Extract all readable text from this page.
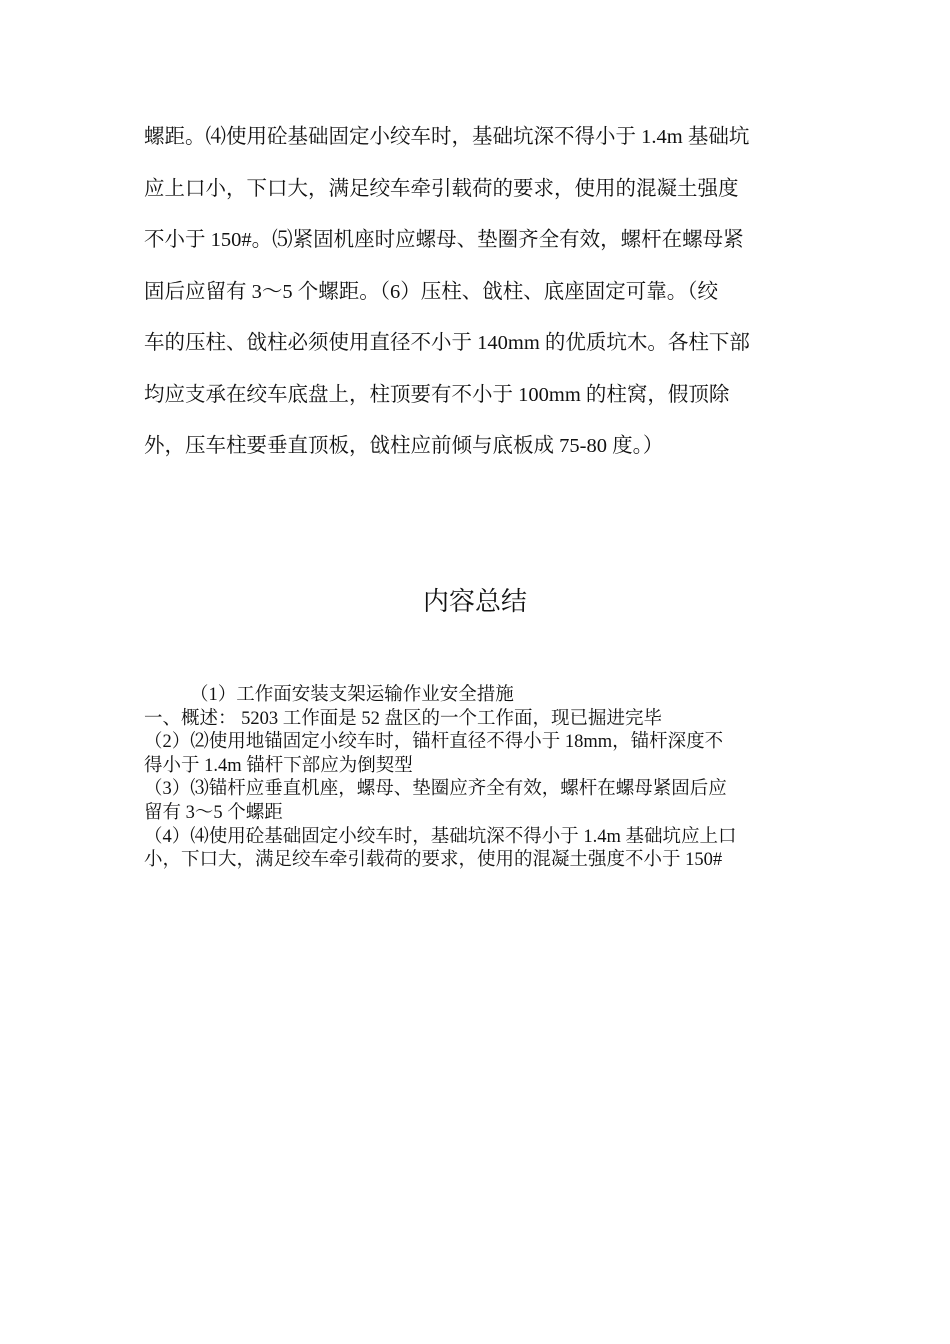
螺距。⑷使用砼基础固定小绞车时，基础坑深不得小于 1.4m 基础坑
应上口小，下口大，满足绞车牵引载荷的要求，使用的混凝土强度
不小于 150#。⑸紧固机座时应螺母、垫圈齐全有效，螺杆在螺母紧
固后应留有 3～5 个螺距。（6）压柱、戗柱、底座固定可靠。（绞
车的压柱、戗柱必须使用直径不小于 140mm 的优质坑木。各柱下部
均应支承在绞车底盘上，柱顶要有不小于 100mm 的柱窝，假顶除
外，压车柱要垂直顶板，戗柱应前倾与底板成 75-80 度。）
内容总结
（1）工作面安装支架运输作业安全措施
一、概述： 5203 工作面是 52 盘区的一个工作面，现已掘进完毕
（2）⑵使用地锚固定小绞车时，锚杆直径不得小于 18mm，锚杆深度不
得小于 1.4m 锚杆下部应为倒契型
（3）⑶锚杆应垂直机座，螺母、垫圈应齐全有效，螺杆在螺母紧固后应
留有 3～5 个螺距
（4）⑷使用砼基础固定小绞车时，基础坑深不得小于 1.4m 基础坑应上口
小，下口大，满足绞车牵引载荷的要求，使用的混凝土强度不小于 150#
